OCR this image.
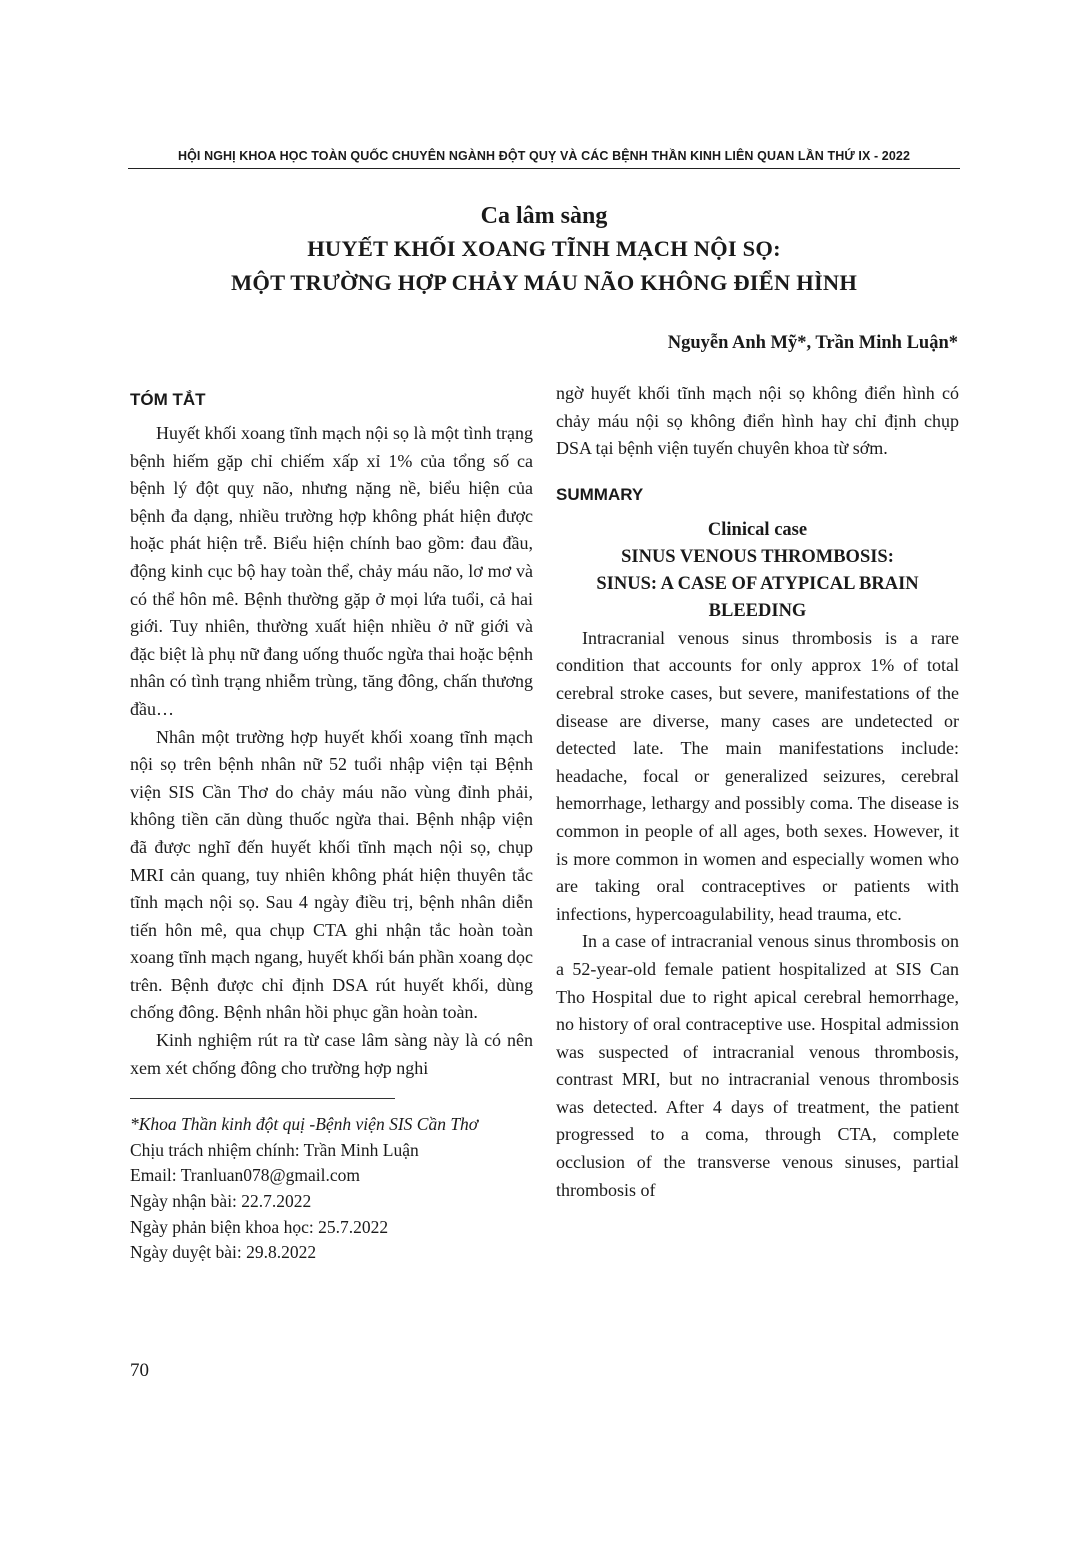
HỘI NGHỊ KHOA HỌC TOÀN QUỐC CHUYÊN NGÀNH ĐỘT QUỴ VÀ CÁC BỆNH THẦN KINH LIÊN QUAN LẦN THỨ IX - 2022
Ca lâm sàng
HUYẾT KHỐI XOANG TĨNH MẠCH NỘI SỌ:
MỘT TRƯỜNG HỢP CHẢY MÁU NÃO KHÔNG ĐIỂN HÌNH
Nguyễn Anh Mỹ*, Trần Minh Luận*
TÓM TẮT

Huyết khối xoang tĩnh mạch nội sọ là một tình trạng bệnh hiếm gặp chỉ chiếm xấp xỉ 1% của tổng số ca bệnh lý đột quỵ não, nhưng nặng nề, biểu hiện của bệnh đa dạng, nhiều trường hợp không phát hiện được hoặc phát hiện trễ. Biểu hiện chính bao gồm: đau đầu, động kinh cục bộ hay toàn thể, chảy máu não, lơ mơ và có thể hôn mê. Bệnh thường gặp ở mọi lứa tuổi, cả hai giới. Tuy nhiên, thường xuất hiện nhiều ở nữ giới và đặc biệt là phụ nữ đang uống thuốc ngừa thai hoặc bệnh nhân có tình trạng nhiễm trùng, tăng đông, chấn thương đầu…

Nhân một trường hợp huyết khối xoang tĩnh mạch nội sọ trên bệnh nhân nữ 52 tuổi nhập viện tại Bệnh viện SIS Cần Thơ do chảy máu não vùng đỉnh phải, không tiền căn dùng thuốc ngừa thai. Bệnh nhập viện đã được nghĩ đến huyết khối tĩnh mạch nội sọ, chụp MRI cản quang, tuy nhiên không phát hiện thuyên tắc tĩnh mạch nội sọ. Sau 4 ngày điều trị, bệnh nhân diễn tiến hôn mê, qua chụp CTA ghi nhận tắc hoàn toàn xoang tĩnh mạch ngang, huyết khối bán phần xoang dọc trên. Bệnh được chỉ định DSA rút huyết khối, dùng chống đông. Bệnh nhân hồi phục gần hoàn toàn.

Kinh nghiệm rút ra từ case lâm sàng này là có nên xem xét chống đông cho trường hợp nghi

*Khoa Thần kinh đột quị -Bệnh viện SIS Cần Thơ
Chịu trách nhiệm chính: Trần Minh Luận
Email: Tranluan078@gmail.com
Ngày nhận bài: 22.7.2022
Ngày phản biện khoa học: 25.7.2022
Ngày duyệt bài: 29.8.2022

ngờ huyết khối tĩnh mạch nội sọ không điển hình có chảy máu nội sọ không điển hình hay chỉ định chụp DSA tại bệnh viện tuyến chuyên khoa từ sớm.

SUMMARY
Clinical case
SINUS VENOUS THROMBOSIS:
SINUS: A CASE OF ATYPICAL BRAIN BLEEDING

Intracranial venous sinus thrombosis is a rare condition that accounts for only approx 1% of total cerebral stroke cases, but severe, manifestations of the disease are diverse, many cases are undetected or detected late. The main manifestations include: headache, focal or generalized seizures, cerebral hemorrhage, lethargy and possibly coma. The disease is common in people of all ages, both sexes. However, it is more common in women and especially women who are taking oral contraceptives or patients with infections, hypercoagulability, head trauma, etc.

In a case of intracranial venous sinus thrombosis on a 52-year-old female patient hospitalized at SIS Can Tho Hospital due to right apical cerebral hemorrhage, no history of oral contraceptive use. Hospital admission was suspected of intracranial venous thrombosis, contrast MRI, but no intracranial venous thrombosis was detected. After 4 days of treatment, the patient progressed to a coma, through CTA, complete occlusion of the transverse venous sinuses, partial thrombosis of

70
